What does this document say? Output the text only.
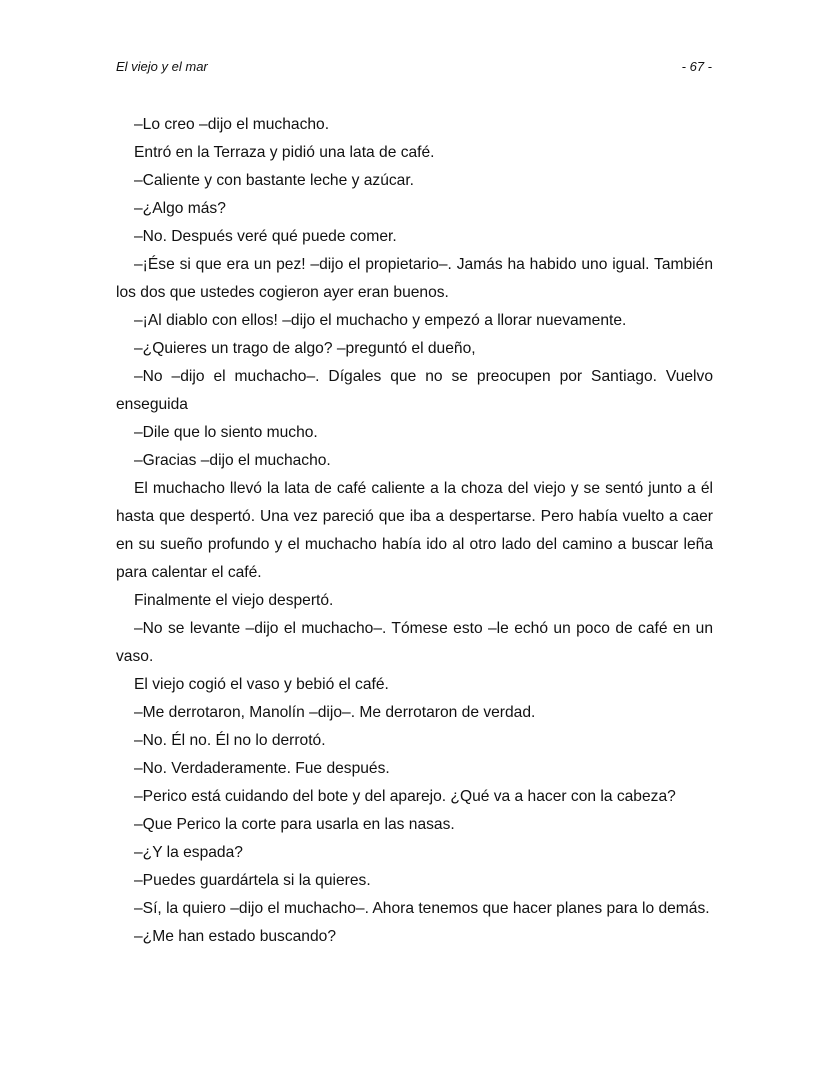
El viejo y el mar	- 67 -

–Lo creo –dijo el muchacho.

Entró en la Terraza y pidió una lata de café.

–Caliente y con bastante leche y azúcar.

–¿Algo más?

–No. Después veré qué puede comer.

–¡Ése si que era un pez! –dijo el propietario–. Jamás ha habido uno igual. También los dos que ustedes cogieron ayer eran buenos.

–¡Al diablo con ellos! –dijo el muchacho y empezó a llorar nuevamente.

–¿Quieres un trago de algo? –preguntó el dueño,

–No –dijo el muchacho–. Dígales que no se preocupen por Santiago. Vuelvo enseguida

–Dile que lo siento mucho.

–Gracias –dijo el muchacho.

El muchacho llevó la lata de café caliente a la choza del viejo y se sentó junto a él hasta que despertó. Una vez pareció que iba a despertarse. Pero había vuelto a caer en su sueño profundo y el muchacho había ido al otro lado del camino a buscar leña para calentar el café.

Finalmente el viejo despertó.

–No se levante –dijo el muchacho–. Tómese esto –le echó un poco de café en un vaso.

El viejo cogió el vaso y bebió el café.

–Me derrotaron, Manolín –dijo–. Me derrotaron de verdad.

–No. Él no. Él no lo derrotó.

–No. Verdaderamente. Fue después.

–Perico está cuidando del bote y del aparejo. ¿Qué va a hacer con la cabeza?

–Que Perico la corte para usarla en las nasas.

–¿Y la espada?

–Puedes guardártela si la quieres.

–Sí, la quiero –dijo el muchacho–. Ahora tenemos que hacer planes para lo demás.

–¿Me han estado buscando?
